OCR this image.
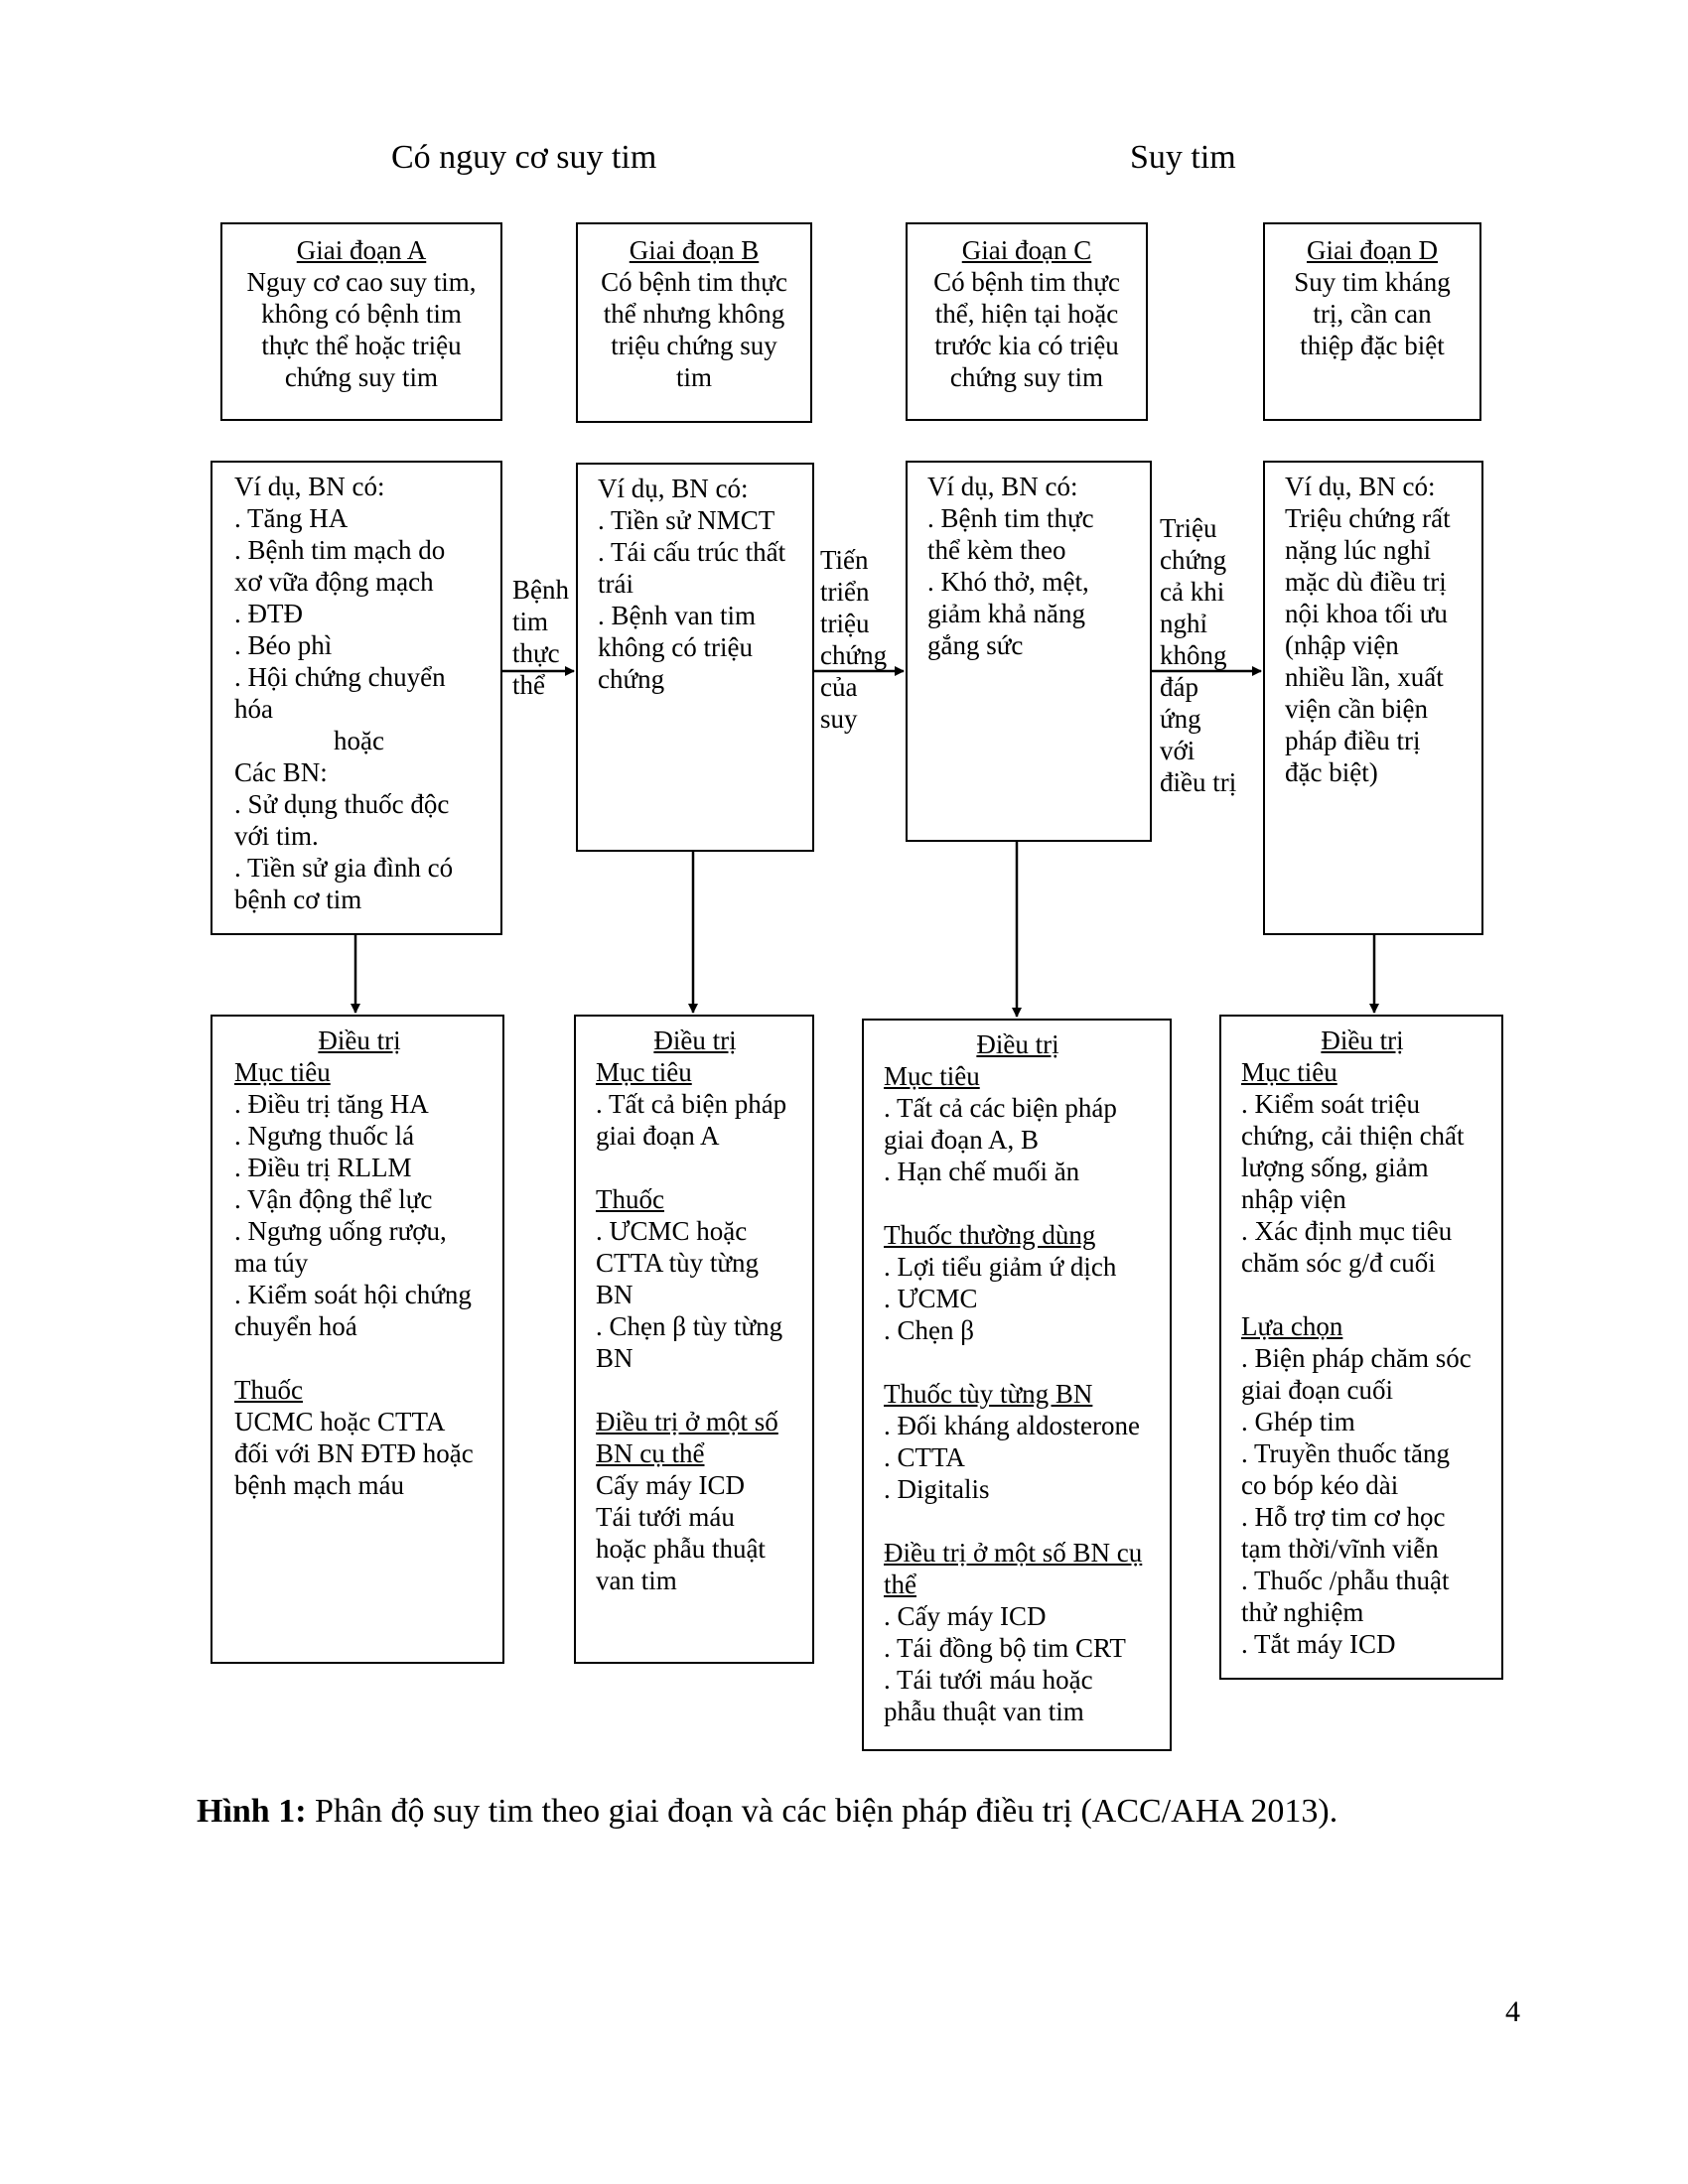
Có nguy cơ suy tim	Suy tim
Giai đoạn A
Nguy cơ cao suy tim,
không có bệnh tim
thực thể hoặc triệu
chứng suy tim
Giai đoạn B
Có bệnh tim thực
thể nhưng không
triệu chứng suy
tim
Giai đoạn C
Có bệnh tim thực
thể, hiện tại hoặc
trước kia có triệu
chứng suy tim
Giai đoạn D
Suy tim kháng
trị, cần can
thiệp đặc biệt
Ví dụ, BN có:
. Tăng HA
. Bệnh tim mạch do
xơ vữa động mạch
. ĐTĐ
. Béo phì
. Hội chứng chuyển
hóa
hoặc
Các BN:
. Sử dụng thuốc độc
với tim.
. Tiền sử gia đình có
bệnh cơ tim
Ví dụ, BN có:
. Tiền sử NMCT
. Tái cấu trúc thất
trái
. Bệnh van tim
không có triệu
chứng
Ví dụ, BN có:
. Bệnh tim thực
thể kèm theo
. Khó thở, mệt,
giảm khả năng
gắng sức
Ví dụ, BN có:
Triệu chứng rất
nặng lúc nghỉ
mặc dù điều trị
nội khoa tối ưu
(nhập viện
nhiều lần, xuất
viện cần biện
pháp điều trị
đặc biệt)
Bệnh
tim
thực
thể
Tiến
triển
triệu
chứng
của
suy
Triệu
chứng
cả khi
nghỉ
không
đáp
ứng
với
điều trị
Điều trị
Mục tiêu
. Điều trị tăng HA
. Ngưng thuốc lá
. Điều trị RLLM
. Vận động thể lực
. Ngưng uống rượu,
ma túy
. Kiểm soát hội chứng
chuyển hoá
Thuốc
UCMC hoặc CTTA
đối với BN ĐTĐ hoặc
bệnh mạch máu
Điều trị
Mục tiêu
. Tất cả biện pháp
giai đoạn A
Thuốc
. ƯCMC hoặc
CTTA tùy từng
BN
. Chẹn β tùy từng
BN
Điều trị ở một số
BN cụ thể
Cấy máy ICD
Tái tưới máu
hoặc phẫu thuật
van tim
Điều trị
Mục tiêu
. Tất cả các biện pháp
giai đoạn A, B
. Hạn chế muối ăn
Thuốc thường dùng
. Lợi tiểu giảm ứ dịch
. ƯCMC
. Chẹn β
Thuốc tùy từng BN
. Đối kháng aldosterone
. CTTA
. Digitalis
Điều trị ở một số BN cụ
thể
. Cấy máy ICD
. Tái đồng bộ tim CRT
. Tái tưới máu hoặc
phẫu thuật van tim
Điều trị
Mục tiêu
. Kiểm soát triệu
chứng, cải thiện chất
lượng sống, giảm
nhập viện
. Xác định mục tiêu
chăm sóc g/đ cuối
Lựa chọn
. Biện pháp chăm sóc
giai đoạn cuối
. Ghép tim
. Truyền thuốc tăng
co bóp kéo dài
. Hỗ trợ tim cơ học
tạm thời/vĩnh viễn
. Thuốc /phẫu thuật
thử nghiệm
. Tắt máy ICD
Hình 1: Phân độ suy tim theo giai đoạn và các biện pháp điều trị (ACC/AHA 2013).
4
